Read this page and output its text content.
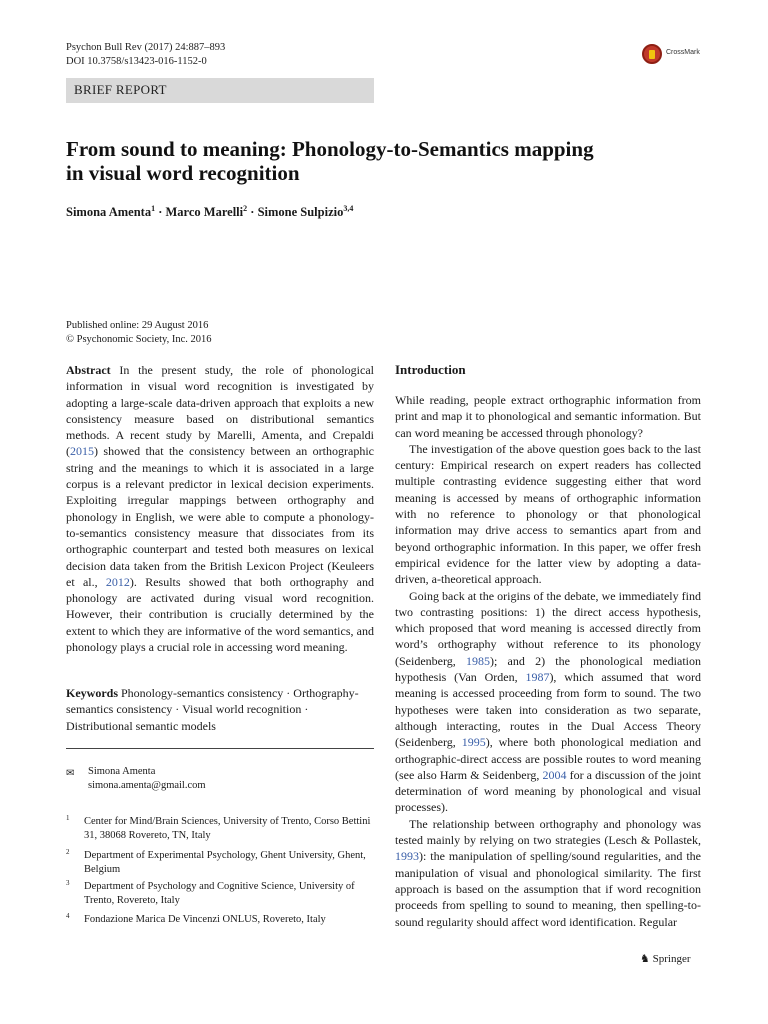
Psychon Bull Rev (2017) 24:887–893
DOI 10.3758/s13423-016-1152-0
BRIEF REPORT
CrossMark
From sound to meaning: Phonology-to-Semantics mapping
in visual word recognition
Simona Amenta$^1$ · Marco Marelli$^2$ · Simone Sulpizio$^{3,4}$
Published online: 29 August 2016
© Psychonomic Society, Inc. 2016

Abstract In the present study, the role of phonological information in visual word recognition is investigated by adopting a large-scale data-driven approach that exploits a new consistency measure based on distributional semantics methods. A recent study by Marelli, Amenta, and Crepaldi (2015) showed that the consistency between an orthographic string and the meanings to which it is associated in a large corpus is a relevant predictor in lexical decision experiments. Exploiting irregular mappings between orthography and phonology in English, we were able to compute a phonology-to-semantics consistency measure that dissociates from its orthographic counterpart and tested both measures on lexical decision data taken from the British Lexicon Project (Keuleers et al., 2012). Results showed that both orthography and phonology are activated during visual word recognition. However, their contribution is crucially determined by the extent to which they are informative of the word semantics, and phonology plays a crucial role in accessing word meaning.

Keywords Phonology-semantics consistency · Orthography-semantics consistency · Visual world recognition · Distributional semantic models
✉ Simona Amenta
simona.amenta@gmail.com
1 Center for Mind/Brain Sciences, University of Trento, Corso Bettini 31, 38068 Rovereto, TN, Italy
2 Department of Experimental Psychology, Ghent University, Ghent, Belgium
3 Department of Psychology and Cognitive Science, University of Trento, Rovereto, Italy
4 Fondazione Marica De Vincenzi ONLUS, Rovereto, Italy
Introduction

While reading, people extract orthographic information from print and map it to phonological and semantic information. But can word meaning be accessed through phonology?

The investigation of the above question goes back to the last century: Empirical research on expert readers has collected multiple contrasting evidence suggesting either that word meaning is accessed by means of orthographic information with no reference to phonology or that phonological information may drive access to semantics apart from and beyond orthographic information. In this paper, we offer fresh empirical evidence for the latter view by adopting a data-driven, a-theoretical approach.

Going back at the origins of the debate, we immediately find two contrasting positions: 1) the direct access hypothesis, which proposed that word meaning is accessed directly from word’s orthography without reference to its phonology (Seidenberg, 1985); and 2) the phonological mediation hypothesis (Van Orden, 1987), which assumed that word meaning is accessed proceeding from form to sound. The two hypotheses were taken into consideration as two separate, although interacting, routes in the Dual Access Theory (Seidenberg, 1995), where both phonological mediation and orthographic-direct access are possible routes to word meaning (see also Harm & Seidenberg, 2004 for a discussion of the joint determination of word meaning by phonological and visual processes).

The relationship between orthography and phonology was tested mainly by relying on two strategies (Lesch & Pollastek, 1993): the manipulation of spelling/sound regularities, and the manipulation of visual and phonological similarity. The first approach is based on the assumption that if word recognition proceeds from spelling to sound to meaning, then spelling-to-sound regularity should affect word identification. Regular

♞ Springer
